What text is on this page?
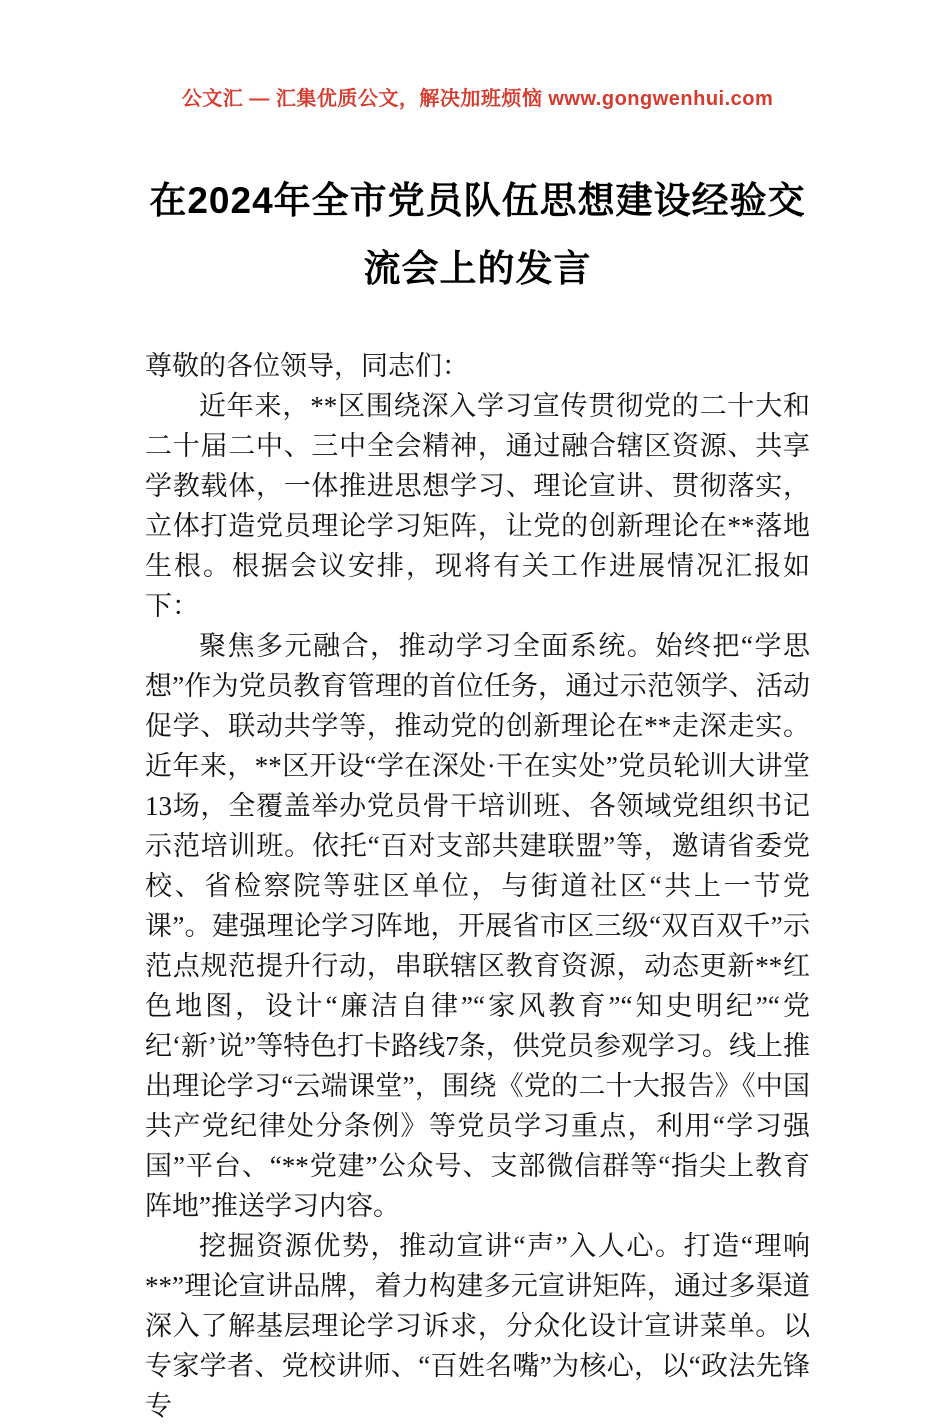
公文汇 — 汇集优质公文，解决加班烦恼 www.gongwenhui.com
在2024年全市党员队伍思想建设经验交流会上的发言

尊敬的各位领导，同志们：

近年来，**区围绕深入学习宣传贯彻党的二十大和二十届二中、三中全会精神，通过融合辖区资源、共享学教载体，一体推进思想学习、理论宣讲、贯彻落实，立体打造党员理论学习矩阵，让党的创新理论在**落地生根。根据会议安排，现将有关工作进展情况汇报如下：

聚焦多元融合，推动学习全面系统。始终把“学思想”作为党员教育管理的首位任务，通过示范领学、活动促学、联动共学等，推动党的创新理论在**走深走实。近年来，**区开设“学在深处·干在实处”党员轮训大讲堂13场，全覆盖举办党员骨干培训班、各领域党组织书记示范培训班。依托“百对支部共建联盟”等，邀请省委党校、省检察院等驻区单位，与街道社区“共上一节党课”。建强理论学习阵地，开展省市区三级“双百双千”示范点规范提升行动，串联辖区教育资源，动态更新**红色地图，设计“廉洁自律”“家风教育”“知史明纪”“党纪‘新’说”等特色打卡路线7条，供党员参观学习。线上推出理论学习“云端课堂”，围绕《党的二十大报告》《中国共产党纪律处分条例》等党员学习重点，利用“学习强国”平台、“**党建”公众号、支部微信群等“指尖上教育阵地”推送学习内容。

挖掘资源优势，推动宣讲“声”入人心。打造“理响**”理论宣讲品牌，着力构建多元宣讲矩阵，通过多渠道深入了解基层理论学习诉求，分众化设计宣讲菜单。以专家学者、党校讲师、“百姓名嘴”为核心，以“政法先锋专
